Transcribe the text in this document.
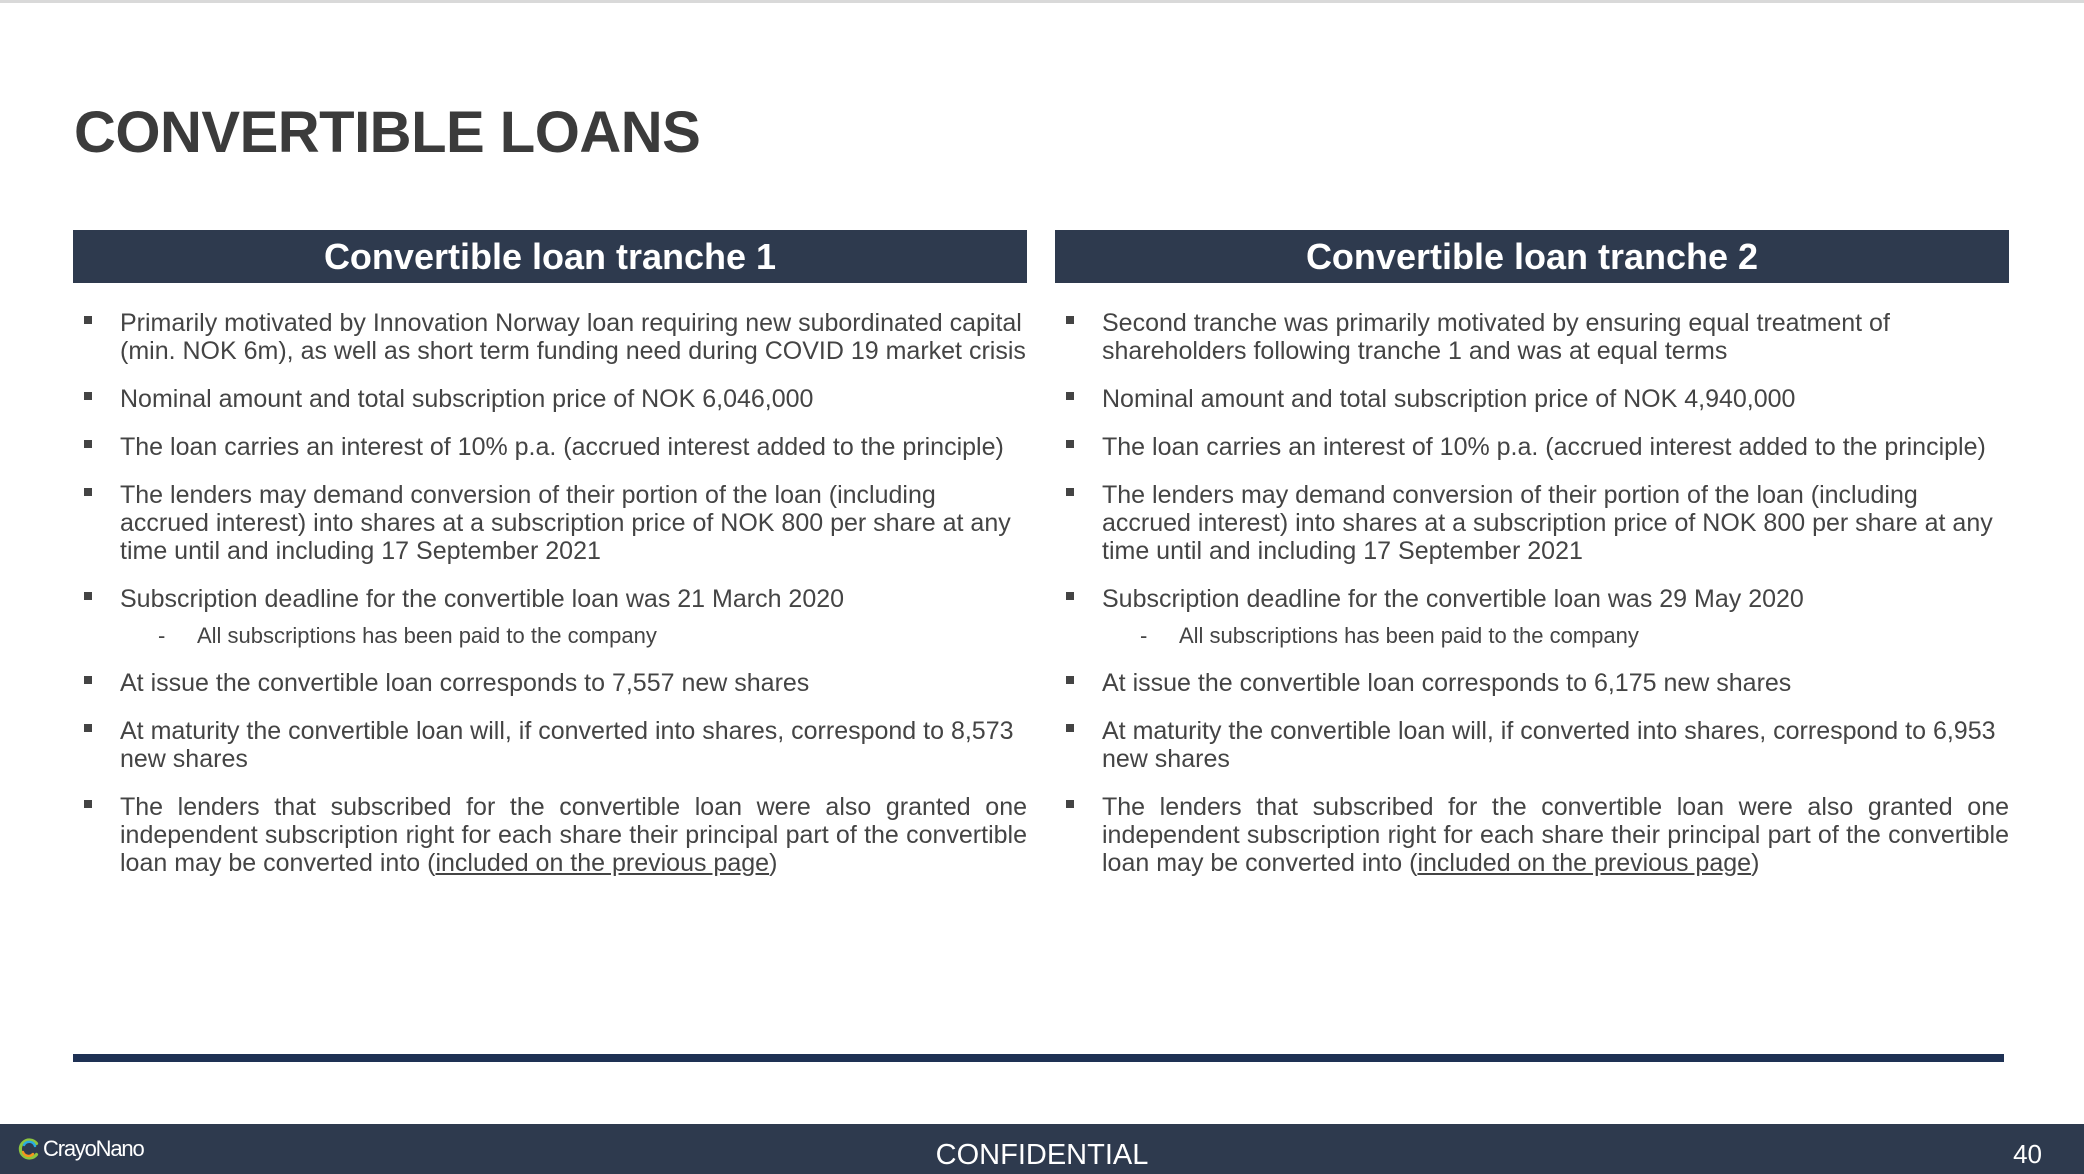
CONVERTIBLE LOANS
Convertible loan tranche 1
Primarily motivated by Innovation Norway loan requiring new subordinated capital (min. NOK 6m), as well as short term funding need during COVID 19 market crisis
Nominal amount and total subscription price of NOK 6,046,000
The loan carries an interest of 10% p.a. (accrued interest added to the principle)
The lenders may demand conversion of their portion of the loan (including accrued interest) into shares at a subscription price of NOK 800 per share at any time until and including 17 September 2021
Subscription deadline for the convertible loan was 21 March 2020
- All subscriptions has been paid to the company
At issue the convertible loan corresponds to 7,557 new shares
At maturity the convertible loan will, if converted into shares, correspond to 8,573 new shares
The lenders that subscribed for the convertible loan were also granted one independent subscription right for each share their principal part of the convertible loan may be converted into (included on the previous page)
Convertible loan tranche 2
Second tranche was primarily motivated by ensuring equal treatment of shareholders following tranche 1 and was at equal terms
Nominal amount and total subscription price of NOK 4,940,000
The loan carries an interest of 10% p.a. (accrued interest added to the principle)
The lenders may demand conversion of their portion of the loan (including accrued interest) into shares at a subscription price of NOK 800 per share at any time until and including 17 September 2021
Subscription deadline for the convertible loan was 29 May 2020
- All subscriptions has been paid to the company
At issue the convertible loan corresponds to 6,175 new shares
At maturity the convertible loan will, if converted into shares, correspond to 6,953 new shares
The lenders that subscribed for the convertible loan were also granted one independent subscription right for each share their principal part of the convertible loan may be converted into (included on the previous page)
CrayoNano	CONFIDENTIAL	40
